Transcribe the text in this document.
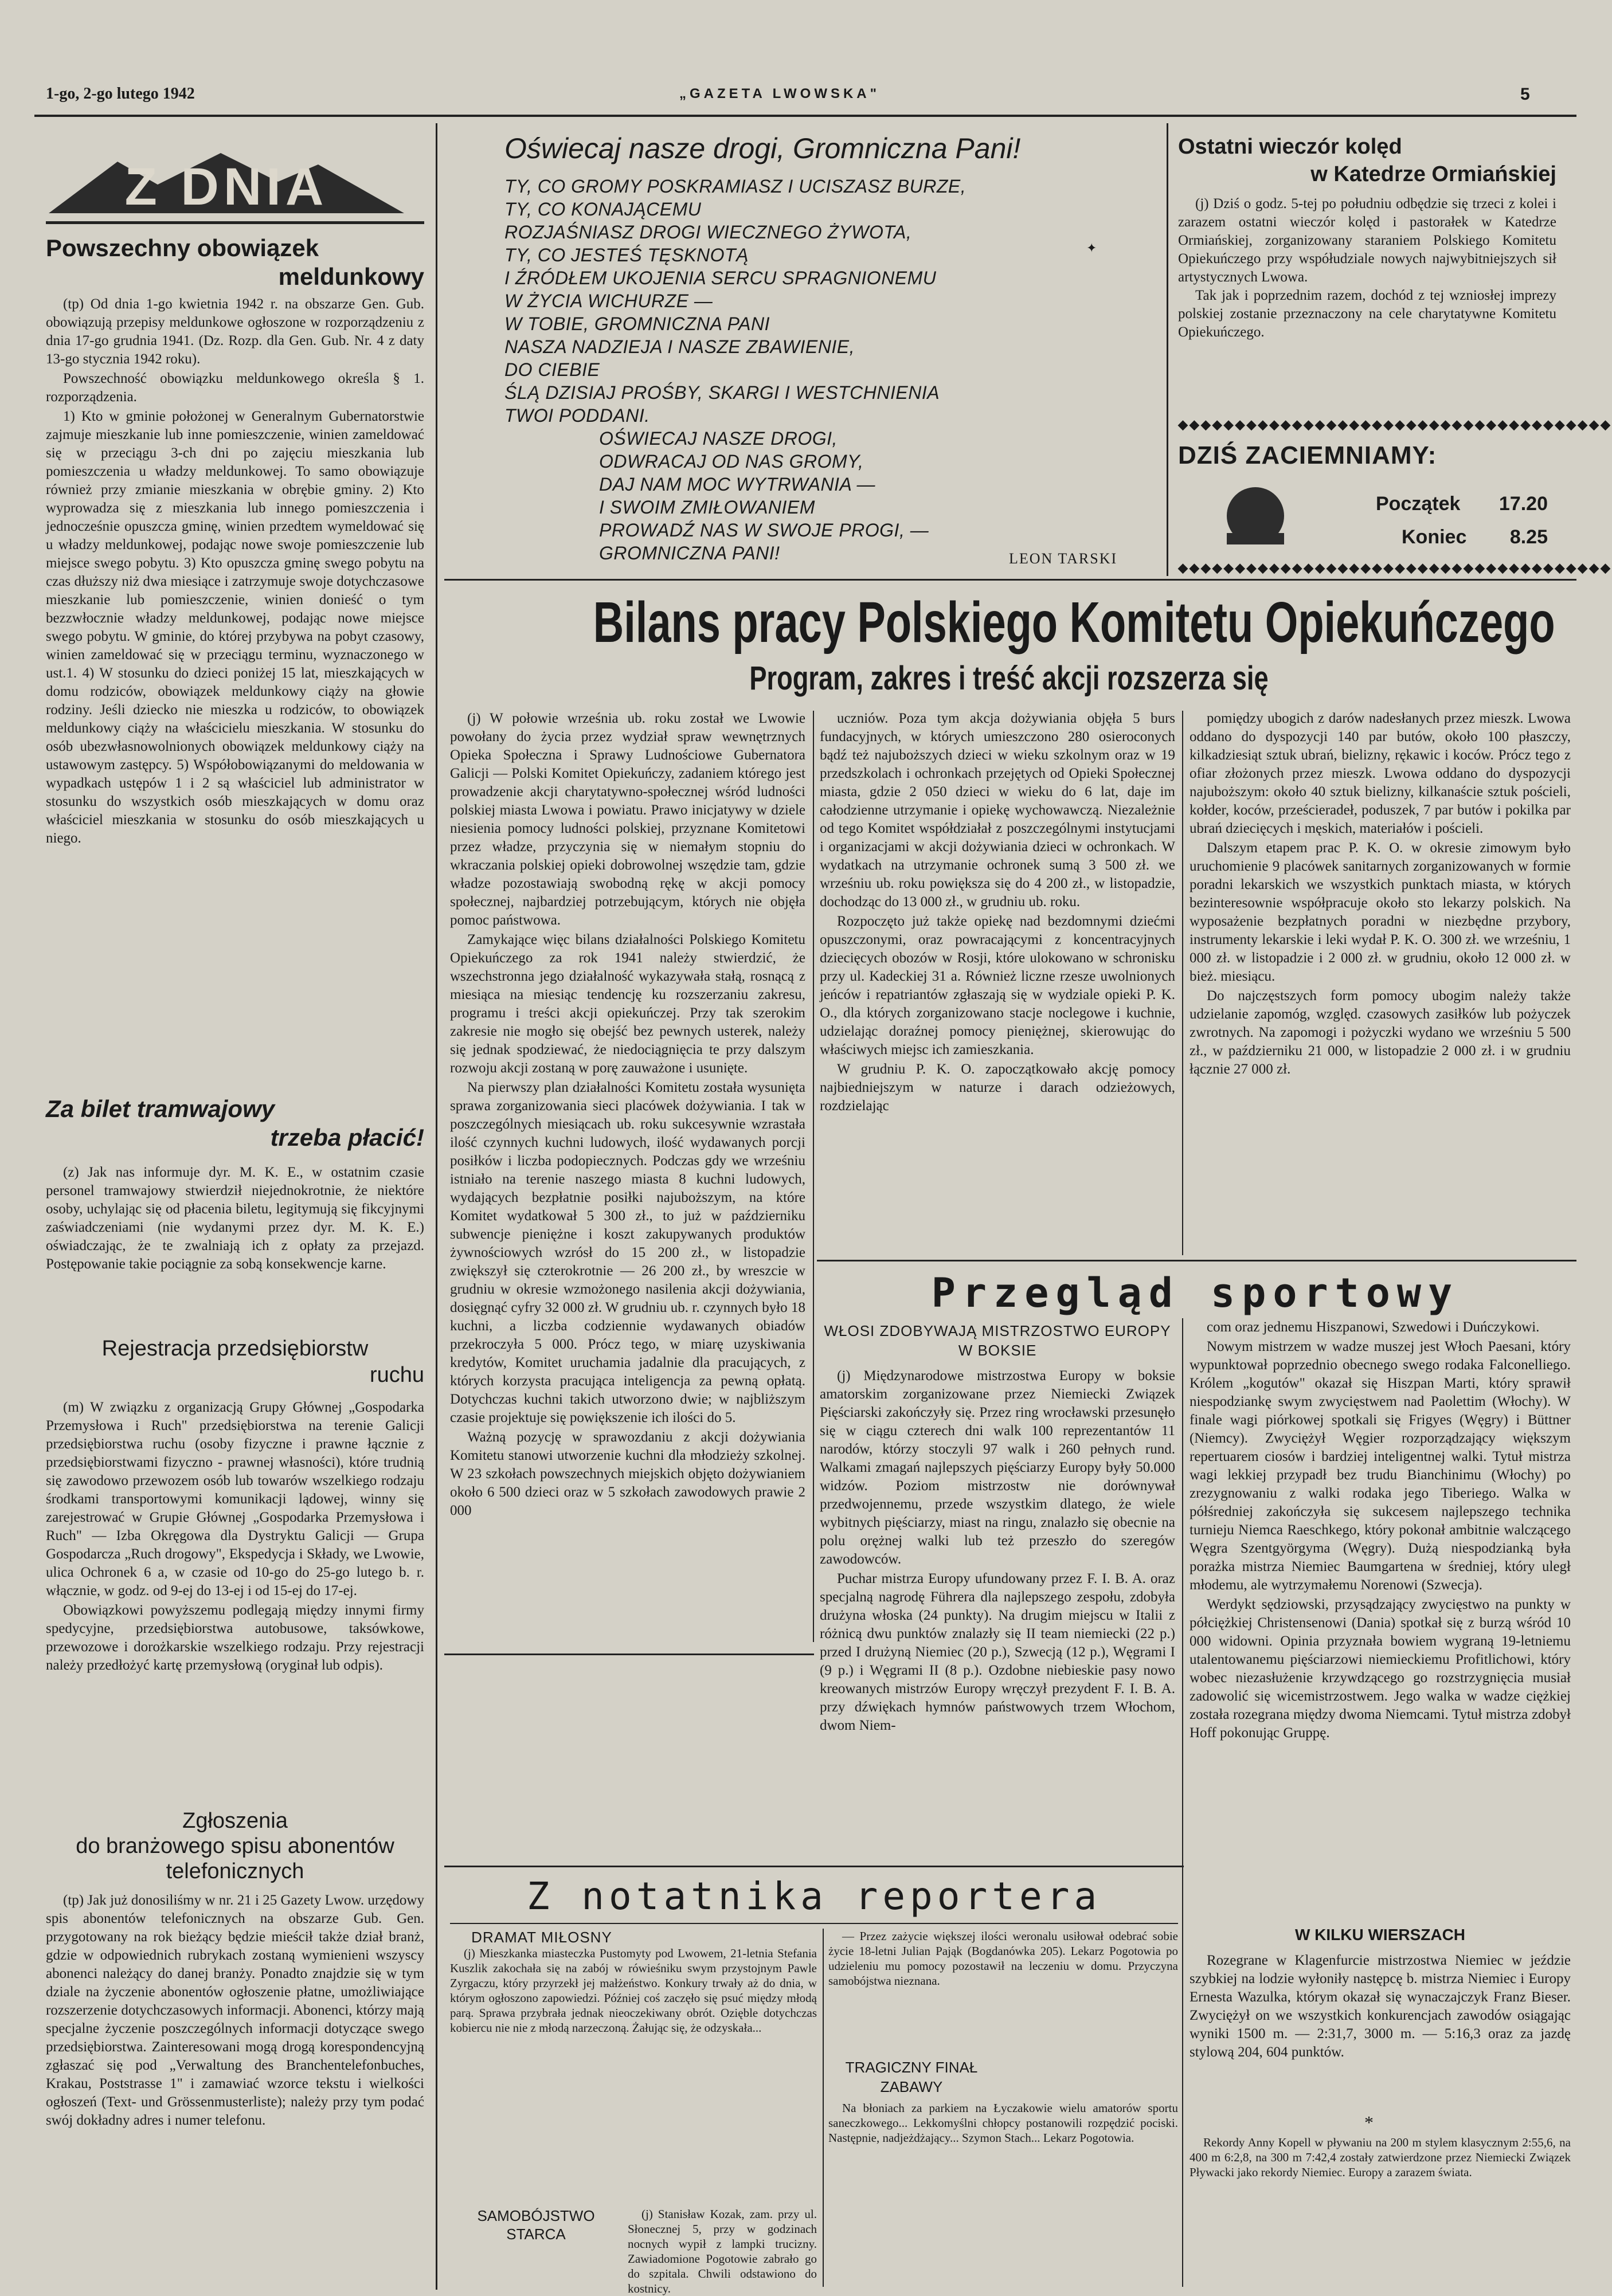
1-go, 2-go lutego 1942	„GAZETA LWOWSKA"	5
Z DNIA
Powszechny obowiązek
meldunkowy

(tp) Od dnia 1-go kwietnia 1942 r. na obszarze Gen. Gub. obowiązują przepisy meldunkowe ogłoszone w rozporządzeniu z dnia 17-go grudnia 1941. (Dz. Rozp. dla Gen. Gub. Nr. 4 z daty 13-go stycznia 1942 roku).

Powszechność obowiązku meldunkowego określa § 1. rozporządzenia.

1) Kto w gminie położonej w Generalnym Gubernatorstwie zajmuje mieszkanie lub inne pomieszczenie, winien zameldować się w przeciągu 3-ch dni po zajęciu mieszkania lub pomieszczenia u władzy meldunkowej. To samo obowiązuje również przy zmianie mieszkania w obrębie gminy. 2) Kto wyprowadza się z mieszkania lub innego pomieszczenia i jednocześnie opuszcza gminę, winien przedtem wymeldować się u władzy meldunkowej, podając nowe swoje pomieszczenie lub miejsce swego pobytu. 3) Kto opuszcza gminę swego pobytu na czas dłuższy niż dwa miesiące i zatrzymuje swoje dotychczasowe mieszkanie lub pomieszczenie, winien donieść o tym bezzwłocznie władzy meldunkowej, podając nowe miejsce swego pobytu. W gminie, do której przybywa na pobyt czasowy, winien zameldować się w przeciągu terminu, wyznaczonego w ust.1. 4) W stosunku do dzieci poniżej 15 lat, mieszkających w domu rodziców, obowiązek meldunkowy ciąży na głowie rodziny. Jeśli dziecko nie mieszka u rodziców, to obowiązek meldunkowy ciąży na właścicielu mieszkania. W stosunku do osób ubezwłasnowolnionych obowiązek meldunkowy ciąży na ustawowym zastępcy. 5) Współobowiązanymi do meldowania w wypadkach ustępów 1 i 2 są właściciel lub administrator w stosunku do wszystkich osób mieszkających w domu oraz właściciel mieszkania w stosunku do osób mieszkających u niego.

Za bilet tramwajowy
trzeba płacić!

(z) Jak nas informuje dyr. M. K. E., w ostatnim czasie personel tramwajowy stwierdził niejednokrotnie, że niektóre osoby, uchylając się od płacenia biletu, legitymują się fikcyjnymi zaświadczeniami (nie wydanymi przez dyr. M. K. E.) oświadczając, że te zwalniają ich z opłaty za przejazd. Postępowanie takie pociągnie za sobą konsekwencje karne.

Rejestracja przedsiębiorstw
ruchu

(m) W związku z organizacją Grupy Głównej „Gospodarka Przemysłowa i Ruch" przedsiębiorstwa na terenie Galicji przedsiębiorstwa ruchu (osoby fizyczne i prawne łącznie z przedsiębiorstwami fizyczno - prawnej własności), które trudnią się zawodowo przewozem osób lub towarów wszelkiego rodzaju środkami transportowymi komunikacji lądowej, winny się zarejestrować w Grupie Głównej „Gospodarka Przemysłowa i Ruch" — Izba Okręgowa dla Dystryktu Galicji — Grupa Gospodarcza „Ruch drogowy", Ekspedycja i Składy, we Lwowie, ulica Ochronek 6 a, w czasie od 10-go do 25-go lutego b. r. włącznie, w godz. od 9-ej do 13-ej i od 15-ej do 17-ej.

Obowiązkowi powyższemu podlegają między innymi firmy spedycyjne, przedsiębiorstwa autobusowe, taksówkowe, przewozowe i dorożkarskie wszelkiego rodzaju. Przy rejestracji należy przedłożyć kartę przemysłową (oryginał lub odpis).

Zgłoszenia
do branżowego spisu abonentów telefonicznych

(tp) Jak już donosiliśmy w nr. 21 i 25 Gazety Lwow. urzędowy spis abonentów telefonicznych na obszarze Gub. Gen. przygotowany na rok bieżący będzie mieścił także dział branż, gdzie w odpowiednich rubrykach zostaną wymienieni wszyscy abonenci należący do danej branży. Ponadto znajdzie się w tym dziale na życzenie abonentów ogłoszenie płatne, umożliwiające rozszerzenie dotychczasowych informacji. Abonenci, którzy mają specjalne życzenie poszczególnych informacji dotyczące swego przedsiębiorstwa. Zainteresowani mogą drogą korespondencyjną zgłaszać się pod „Verwaltung des Branchentelefonbuches, Krakau, Poststrasse 1" i zamawiać wzorce tekstu i wielkości ogłoszeń (Text- und Grössenmusterliste); należy przy tym podać swój dokładny adres i numer telefonu.

Oświecaj nasze drogi, Gromniczna Pani!
TY, CO GROMY POSKRAMIASZ I UCISZASZ BURZE,
TY, CO KONAJĄCEMU
ROZJAŚNIASZ DROGI WIECZNEGO ŻYWOTA,
TY, CO JESTEŚ TĘSKNOTĄ
I ŹRÓDŁEM UKOJENIA SERCU SPRAGNIONEMU
W ŻYCIA WICHURZE —
W TOBIE, GROMNICZNA PANI
NASZA NADZIEJA I NASZE ZBAWIENIE,
DO CIEBIE
ŚLĄ DZISIAJ PROŚBY, SKARGI I WESTCHNIENIA
TWOI PODDANI.
OŚWIECAJ NASZE DROGI,
ODWRACAJ OD NAS GROMY,
DAJ NAM MOC WYTRWANIA —
I SWOIM ZMIŁOWANIEM
PROWADŹ NAS W SWOJE PROGI, —
GROMNICZNA PANI!	LEON TARSKI
✦
Ostatni wieczór kolęd
w Katedrze Ormiańskiej

(j) Dziś o godz. 5-tej po południu odbędzie się trzeci z kolei i zarazem ostatni wieczór kolęd i pastorałek w Katedrze Ormiańskiej, zorganizowany staraniem Polskiego Komitetu Opiekuńczego przy współudziale nowych najwybitniejszych sił artystycznych Lwowa.

Tak jak i poprzednim razem, dochód z tej wzniosłej imprezy polskiej zostanie przeznaczony na cele charytatywne Komitetu Opiekuńczego.

◆◆◆◆◆◆◆◆◆◆◆◆◆◆◆◆◆◆◆◆◆◆◆◆◆◆◆◆◆◆◆◆◆◆◆◆◆◆
DZIŚ ZACIEMNIAMY:
Początek 17.20
Koniec 8.25
◆◆◆◆◆◆◆◆◆◆◆◆◆◆◆◆◆◆◆◆◆◆◆◆◆◆◆◆◆◆◆◆◆◆◆◆◆◆
Bilans pracy Polskiego Komitetu Opiekuńczego
Program, zakres i treść akcji rozszerza się

(j) W połowie września ub. roku został we Lwowie powołany do życia przez wydział spraw wewnętrznych Opieka Społeczna i Sprawy Ludnościowe Gubernatora Galicji — Polski Komitet Opiekuńczy, zadaniem którego jest prowadzenie akcji charytatywno-społecznej wśród ludności polskiej miasta Lwowa i powiatu. Prawo inicjatywy w dziele niesienia pomocy ludności polskiej, przyznane Komitetowi przez władze, przyczynia się w niemałym stopniu do wkraczania polskiej opieki dobrowolnej wszędzie tam, gdzie władze pozostawiają swobodną rękę w akcji pomocy społecznej, najbardziej potrzebującym, których nie objęła pomoc państwowa.

Zamykające więc bilans działalności Polskiego Komitetu Opiekuńczego za rok 1941 należy stwierdzić, że wszechstronna jego działalność wykazywała stałą, rosnącą z miesiąca na miesiąc tendencję ku rozszerzaniu zakresu, programu i treści akcji opiekuńczej. Przy tak szerokim zakresie nie mogło się obejść bez pewnych usterek, należy się jednak spodziewać, że niedociągnięcia te przy dalszym rozwoju akcji zostaną w porę zauważone i usunięte.

Na pierwszy plan działalności Komitetu została wysunięta sprawa zorganizowania sieci placówek dożywiania. I tak w poszczególnych miesiącach ub. roku sukcesywnie wzrastała ilość czynnych kuchni ludowych, ilość wydawanych porcji posiłków i liczba podopiecznych. Podczas gdy we wrześniu istniało na terenie naszego miasta 8 kuchni ludowych, wydających bezpłatnie posiłki najuboższym, na które Komitet wydatkował 5 300 zł., to już w październiku subwencje pieniężne i koszt zakupywanych produktów żywnościowych wzrósł do 15 200 zł., w listopadzie zwiększył się czterokrotnie — 26 200 zł., by wreszcie w grudniu w okresie wzmożonego nasilenia akcji dożywiania, dosięgnąć cyfry 32 000 zł. W grudniu ub. r. czynnych było 18 kuchni, a liczba codziennie wydawanych obiadów przekroczyła 5 000. Prócz tego, w miarę uzyskiwania kredytów, Komitet uruchamia jadalnie dla pracujących, z których korzysta pracująca inteligencja za pewną opłatą. Dotychczas kuchni takich utworzono dwie; w najbliższym czasie projektuje się powiększenie ich ilości do 5.

Ważną pozycję w sprawozdaniu z akcji dożywiania Komitetu stanowi utworzenie kuchni dla młodzieży szkolnej. W 23 szkołach powszechnych miejskich objęto dożywianiem około 6 500 dzieci oraz w 5 szkołach zawodowych prawie 2 000

uczniów. Poza tym akcja dożywiania objęła 5 burs fundacyjnych, w których umieszczono 280 osieroconych bądź też najuboższych dzieci w wieku szkolnym oraz w 19 przedszkolach i ochronkach przejętych od Opieki Społecznej miasta, gdzie 2 050 dzieci w wieku do 6 lat, daje im całodzienne utrzymanie i opiekę wychowawczą. Niezależnie od tego Komitet współdziałał z poszczególnymi instytucjami i organizacjami w akcji dożywiania dzieci w ochronkach. W wydatkach na utrzymanie ochronek sumą 3 500 zł. we wrześniu ub. roku powiększa się do 4 200 zł., w listopadzie, dochodząc do 13 000 zł., w grudniu ub. roku.

Rozpoczęto już także opiekę nad bezdomnymi dziećmi opuszczonymi, oraz powracającymi z koncentracyjnych dziecięcych obozów w Rosji, które ulokowano w schronisku przy ul. Kadeckiej 31 a. Również liczne rzesze uwolnionych jeńców i repatriantów zgłaszają się w wydziale opieki P. K. O., dla których zorganizowano stacje noclegowe i kuchnie, udzielając doraźnej pomocy pieniężnej, skierowując do właściwych miejsc ich zamieszkania.

W grudniu P. K. O. zapoczątkowało akcję pomocy najbiedniejszym w naturze i darach odzieżowych, rozdzielając

pomiędzy ubogich z darów nadesłanych przez mieszk. Lwowa oddano do dyspozycji 140 par butów, około 100 płaszczy, kilkadziesiąt sztuk ubrań, bielizny, rękawic i koców. Prócz tego z ofiar złożonych przez mieszk. Lwowa oddano do dyspozycji najuboższym: około 40 sztuk bielizny, kilkanaście sztuk pościeli, kołder, koców, prześcieradeł, poduszek, 7 par butów i pokilka par ubrań dziecięcych i męskich, materiałów i pościeli.

Dalszym etapem prac P. K. O. w okresie zimowym było uruchomienie 9 placówek sanitarnych zorganizowanych w formie poradni lekarskich we wszystkich punktach miasta, w których bezinteresownie współpracuje około sto lekarzy polskich. Na wyposażenie bezpłatnych poradni w niezbędne przybory, instrumenty lekarskie i leki wydał P. K. O. 300 zł. we wrześniu, 1 000 zł. w listopadzie i 2 000 zł. w grudniu, około 12 000 zł. w bież. miesiącu.

Do najczęstszych form pomocy ubogim należy także udzielanie zapomóg, względ. czasowych zasiłków lub pożyczek zwrotnych. Na zapomogi i pożyczki wydano we wrześniu 5 500 zł., w październiku 21 000, w listopadzie 2 000 zł. i w grudniu łącznie 27 000 zł.

Przegląd sportowy
WŁOSI ZDOBYWAJĄ MISTRZOSTWO EUROPY W BOKSIE

(j) Międzynarodowe mistrzostwa Europy w boksie amatorskim zorganizowane przez Niemiecki Związek Pięściarski zakończyły się. Przez ring wrocławski przesunęło się w ciągu czterech dni walk 100 reprezentantów 11 narodów, którzy stoczyli 97 walk i 260 pełnych rund. Walkami zmagań najlepszych pięściarzy Europy były 50.000 widzów. Poziom mistrzostw nie dorównywał przedwojennemu, przede wszystkim dlatego, że wiele wybitnych pięściarzy, miast na ringu, znalazło się obecnie na polu orężnej walki lub też przeszło do szeregów zawodowców.

Puchar mistrza Europy ufundowany przez F. I. B. A. oraz specjalną nagrodę Führera dla najlepszego zespołu, zdobyła drużyna włoska (24 punkty). Na drugim miejscu w Italii z różnicą dwu punktów znalazły się II team niemiecki (22 p.) przed I drużyną Niemiec (20 p.), Szwecją (12 p.), Węgrami I (9 p.) i Węgrami II (8 p.). Ozdobne niebieskie pasy nowo kreowanych mistrzów Europy wręczył prezydent F. I. B. A. przy dźwiękach hymnów państwowych trzem Włochom, dwom Niem-

com oraz jednemu Hiszpanowi, Szwedowi i Duńczykowi.

Nowym mistrzem w wadze muszej jest Włoch Paesani, który wypunktował poprzednio obecnego swego rodaka Falconelliego. Królem „kogutów" okazał się Hiszpan Marti, który sprawił niespodziankę swym zwycięstwem nad Paolettim (Włochy). W finale wagi piórkowej spotkali się Frigyes (Węgry) i Büttner (Niemcy). Zwyciężył Węgier rozporządzający większym repertuarem ciosów i bardziej inteligentnej walki. Tytuł mistrza wagi lekkiej przypadł bez trudu Bianchinimu (Włochy) po zrezygnowaniu z walki rodaka jego Tiberiego. Walka w półśredniej zakończyła się sukcesem najlepszego technika turnieju Niemca Raeschkego, który pokonał ambitnie walczącego Węgra Szentgyörgyma (Węgry). Dużą niespodzianką była porażka mistrza Niemiec Baumgartena w średniej, który uległ młodemu, ale wytrzymałemu Norenowi (Szwecja).

Werdykt sędziowski, przysądzający zwycięstwo na punkty w półciężkiej Christensenowi (Dania) spotkał się z burzą wśród 10 000 widowni. Opinia przyznała bowiem wygraną 19-letniemu utalentowanemu pięściarzowi niemieckiemu Profitlichowi, który wobec niezasłużenie krzywdzącego go rozstrzygnięcia musiał zadowolić się wicemistrzostwem. Jego walka w wadze ciężkiej została rozegrana między dwoma Niemcami. Tytuł mistrza zdobył Hoff pokonując Gruppę.

W KILKU WIERSZACH

Rozegrane w Klagenfurcie mistrzostwa Niemiec w jeździe szybkiej na lodzie wyłoniły następcę b. mistrza Niemiec i Europy Ernesta Wazulka, którym okazał się wynaczajczyk Franz Bieser. Zwyciężył on we wszystkich konkurencjach zawodów osiągając wyniki 1500 m. — 2:31,7, 3000 m. — 5:16,3 oraz za jazdę stylową 204, 604 punktów.

*

Rekordy Anny Kopell w pływaniu na 200 m stylem klasycznym 2:55,6, na 400 m 6:2,8, na 300 m 7:42,4 zostały zatwierdzone przez Niemiecki Związek Pływacki jako rekordy Niemiec. Europy a zarazem świata.

Z notatnika reportera
DRAMAT MIŁOSNY

(j) Mieszkanka miasteczka Pustomyty pod Lwowem, 21-letnia Stefania Kuszlik zakochała się na zabój w rówieśniku swym przystojnym Pawle Zyrgaczu, który przyrzekł jej małżeństwo. Konkury trwały aż do dnia, w którym ogłoszono zapowiedzi. Później coś zaczęło się psuć między młodą parą. Sprawa przybrała jednak nieoczekiwany obrót. Ozięble dotychczas kobiercu nie nie z młodą narzeczoną. Żałując się, że odzyskała...

SAMOBÓJSTWO STARCA

(j) Stanisław Kozak, zam. przy ul. Słonecznej 5, przy w godzinach nocnych wypił z lampki trucizny. Zawiadomione Pogotowie zabrało go do szpitala. Chwili odstawiono do kostnicy.

— Przez zażycie większej ilości weronalu usiłował odebrać sobie życie 18-letni Julian Pająk (Bogdanówka 205). Lekarz Pogotowia po udzieleniu mu pomocy pozostawił na leczeniu w domu. Przyczyna samobójstwa nieznana.

TRAGICZNY FINAŁ ZABAWY

Na błoniach za parkiem na Łyczakowie wielu amatorów sportu saneczkowego... Lekkomyślni chłopcy postanowili rozpędzić pociski. Następnie, nadjeżdżający... Szymon Stach... Lekarz Pogotowia.
